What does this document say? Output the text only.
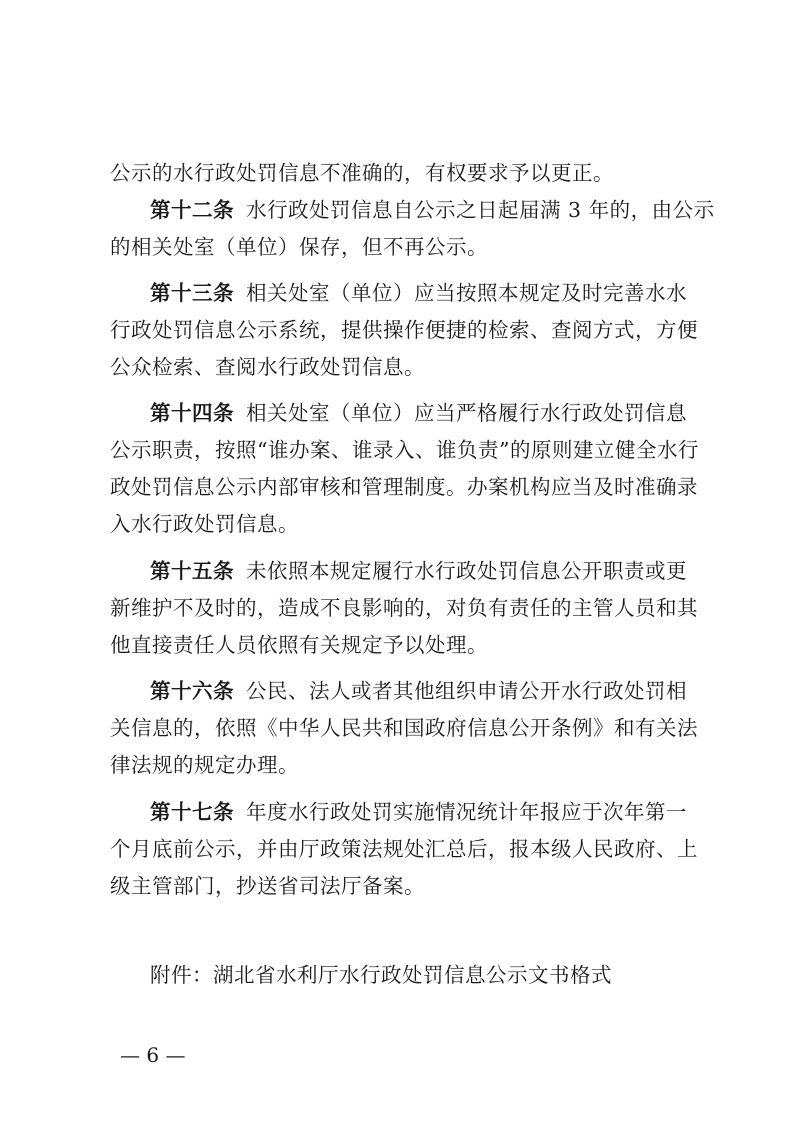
公示的水行政处罚信息不准确的，有权要求予以更正。
第十二条 水行政处罚信息自公示之日起届满 3 年的，由公示
的相关处室（单位）保存，但不再公示。
第十三条 相关处室（单位）应当按照本规定及时完善水水
行政处罚信息公示系统，提供操作便捷的检索、查阅方式，方便
公众检索、查阅水行政处罚信息。
第十四条 相关处室（单位）应当严格履行水行政处罚信息
公示职责，按照“谁办案、谁录入、谁负责”的原则建立健全水行
政处罚信息公示内部审核和管理制度。办案机构应当及时准确录
入水行政处罚信息。
第十五条 未依照本规定履行水行政处罚信息公开职责或更
新维护不及时的，造成不良影响的，对负有责任的主管人员和其
他直接责任人员依照有关规定予以处理。
第十六条 公民、法人或者其他组织申请公开水行政处罚相
关信息的，依照《中华人民共和国政府信息公开条例》和有关法
律法规的规定办理。
第十七条 年度水行政处罚实施情况统计年报应于次年第一
个月底前公示，并由厅政策法规处汇总后，报本级人民政府、上
级主管部门，抄送省司法厅备案。
附件：湖北省水利厅水行政处罚信息公示文书格式
— 6 —
